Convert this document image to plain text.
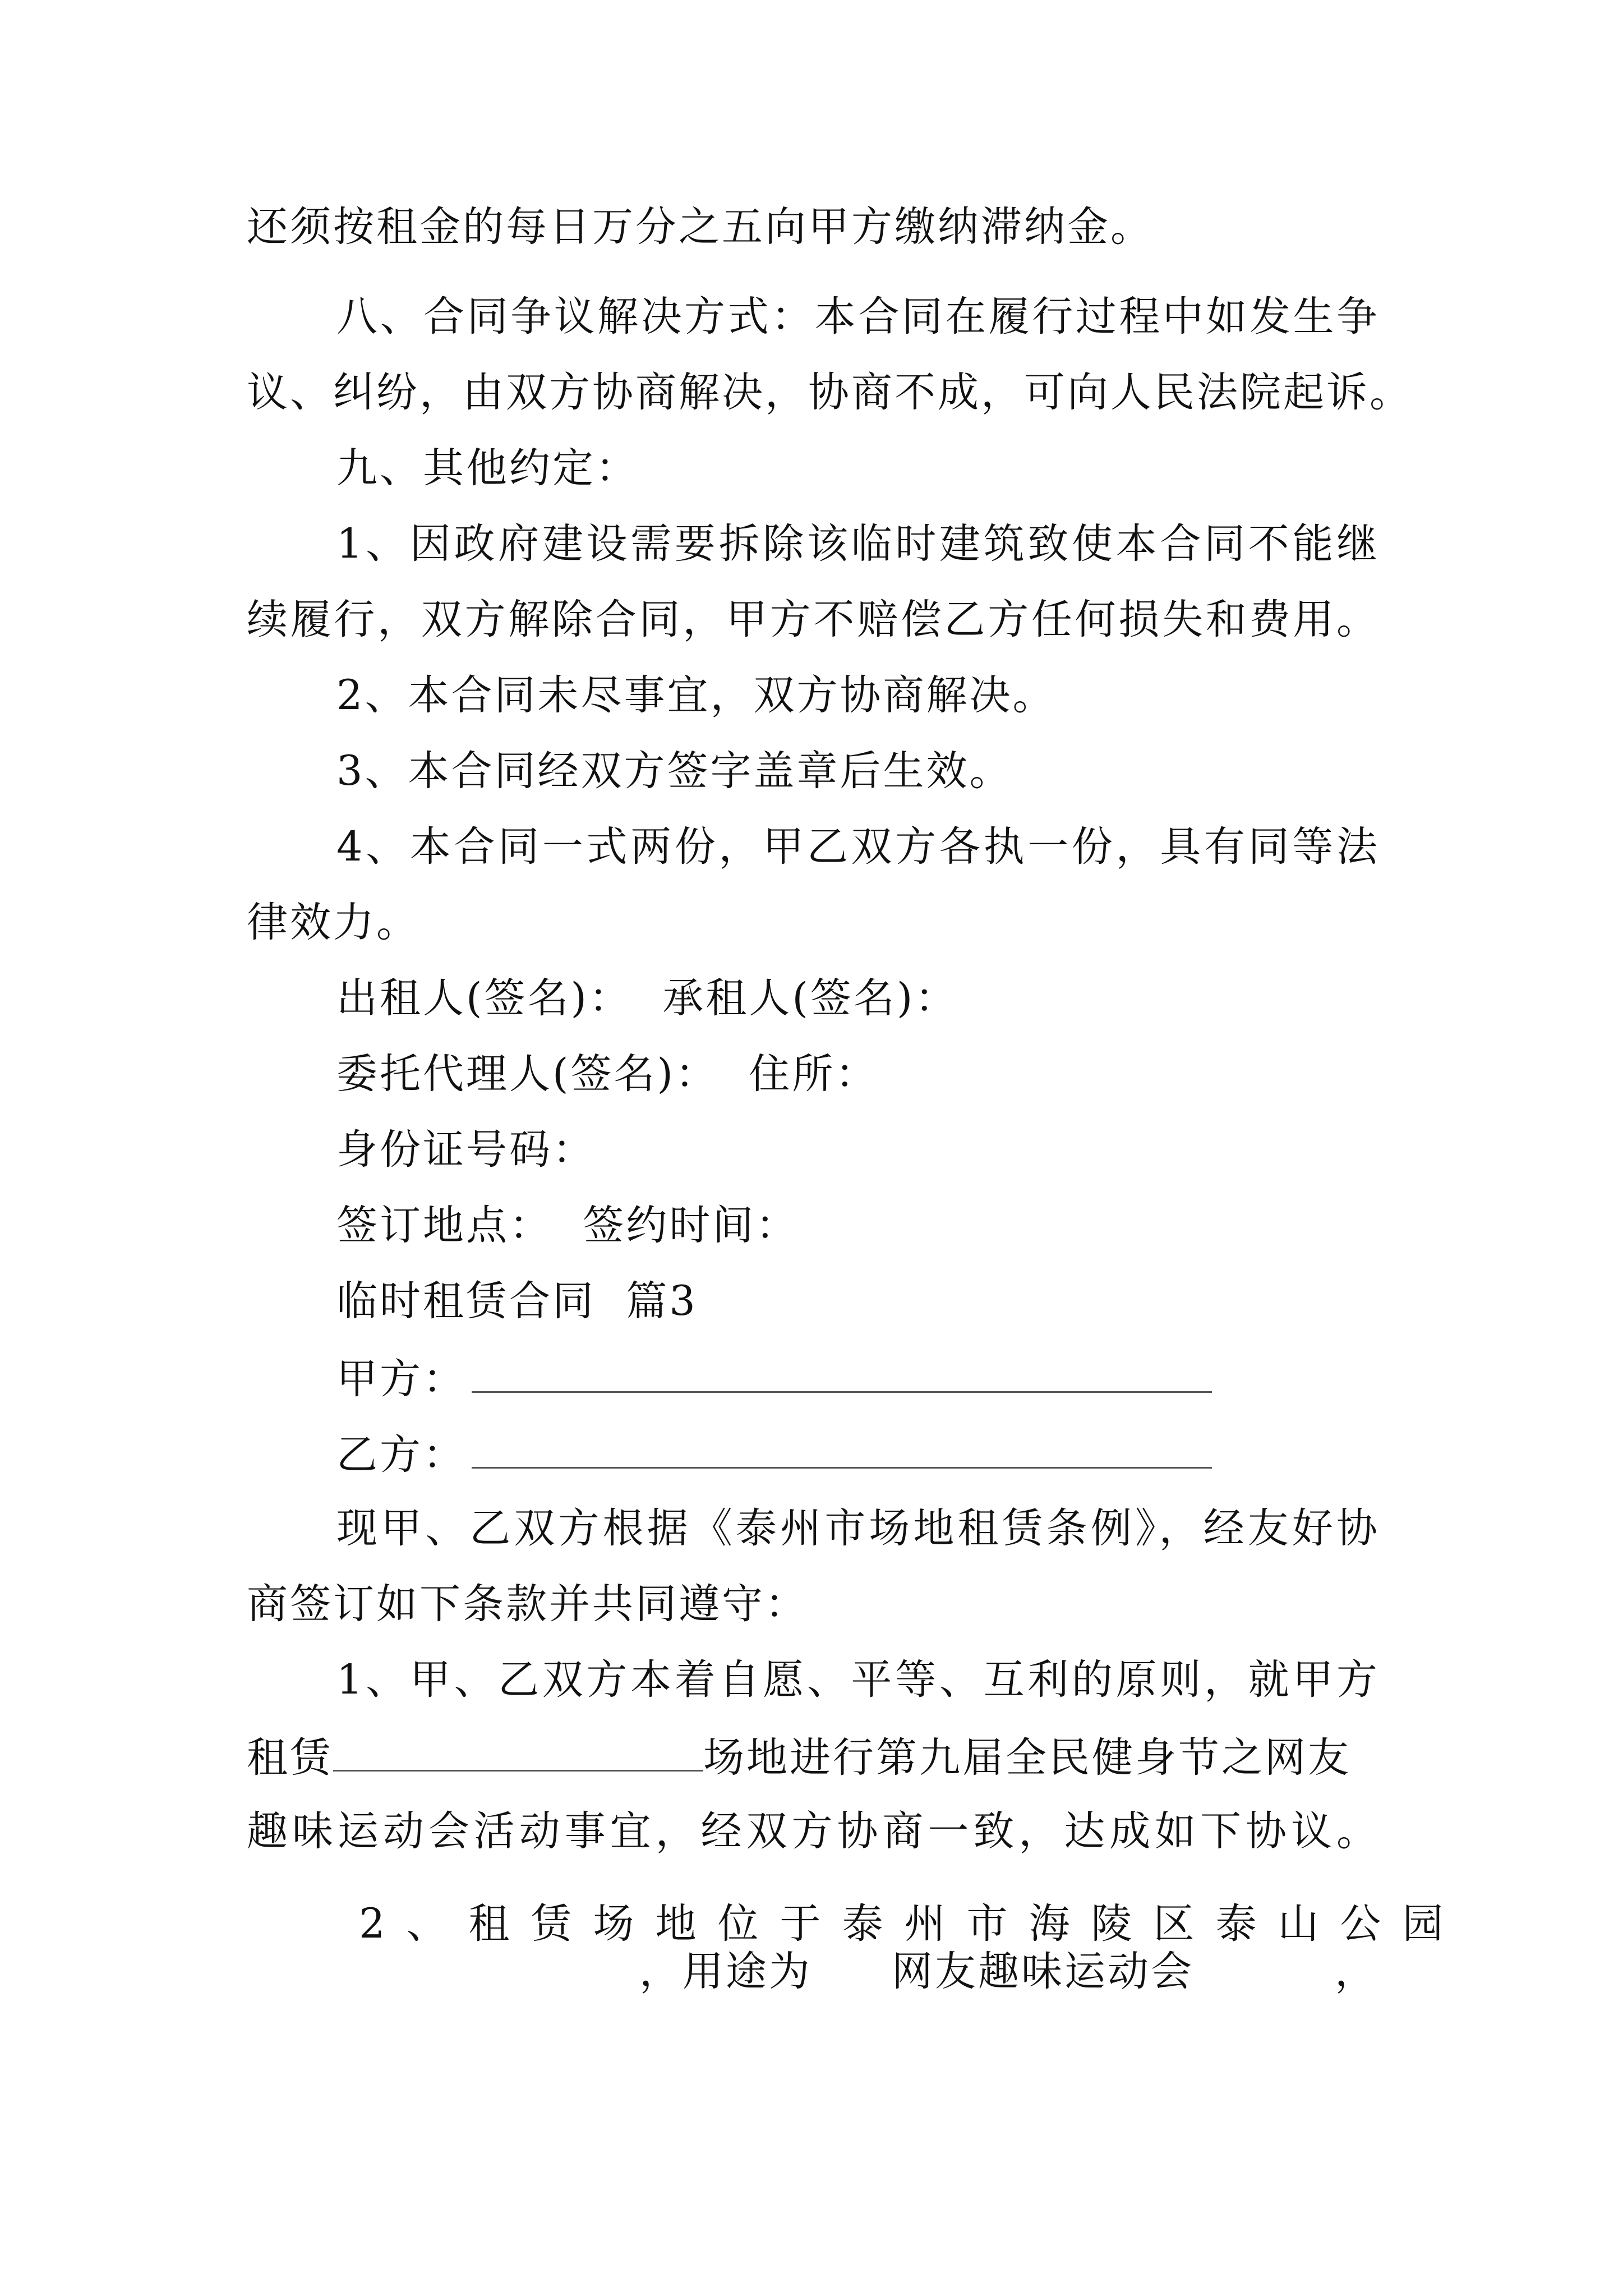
还须按租金的每日万分之五向甲方缴纳滞纳金。
八、合同争议解决方式：本合同在履行过程中如发生争
议、纠纷，由双方协商解决，协商不成，可向人民法院起诉。
九、其他约定：
1、因政府建设需要拆除该临时建筑致使本合同不能继
续履行，双方解除合同，甲方不赔偿乙方任何损失和费用。
2、本合同未尽事宜，双方协商解决。
3、本合同经双方签字盖章后生效。
4、本合同一式两份，甲乙双方各执一份，具有同等法
律效力。
出租人(签名)：  承租人(签名)：
委托代理人(签名)：  住所：
身份证号码：
签订地点：  签约时间：
临时租赁合同  篇3
甲方：
乙方：
现甲、乙双方根据《泰州市场地租赁条例》，经友好协
商签订如下条款并共同遵守：
1、甲、乙双方本着自愿、平等、互利的原则，就甲方
租赁	场地进行第九届全民健身节之网友
趣味运动会活动事宜，经双方协商一致，达成如下协议。
2、租赁场地位于泰州市海陵区泰山公园
，用途为 网友趣味运动会	，
